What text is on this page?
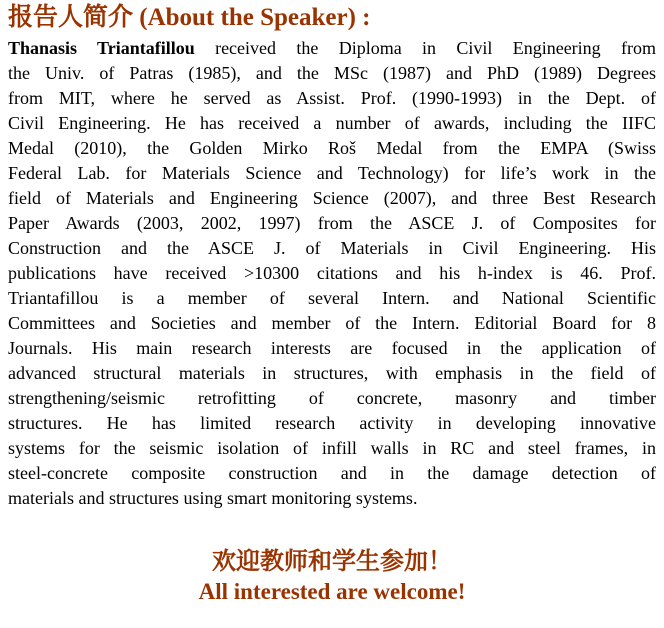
报告人简介 (About the Speaker) :
Thanasis Triantafillou received the Diploma in Civil Engineering from
the Univ. of Patras (1985), and the MSc (1987) and PhD (1989) Degrees
from MIT, where he served as Assist. Prof. (1990-1993) in the Dept. of
Civil Engineering. He has received a number of awards, including the IIFC
Medal (2010), the Golden Mirko Roš Medal from the EMPA (Swiss
Federal Lab. for Materials Science and Technology) for life’s work in the
field of Materials and Engineering Science (2007), and three Best Research
Paper Awards (2003, 2002, 1997) from the ASCE J. of Composites for
Construction and the ASCE J. of Materials in Civil Engineering. His
publications have received >10300 citations and his h-index is 46. Prof.
Triantafillou is a member of several Intern. and National Scientific
Committees and Societies and member of the Intern. Editorial Board for 8
Journals. His main research interests are focused in the application of
advanced structural materials in structures, with emphasis in the field of
strengthening/seismic retrofitting of concrete, masonry and timber
structures. He has limited research activity in developing innovative
systems for the seismic isolation of infill walls in RC and steel frames, in
steel-concrete composite construction and in the damage detection of
materials and structures using smart monitoring systems.
欢迎教师和学生参加！
All interested are welcome!
